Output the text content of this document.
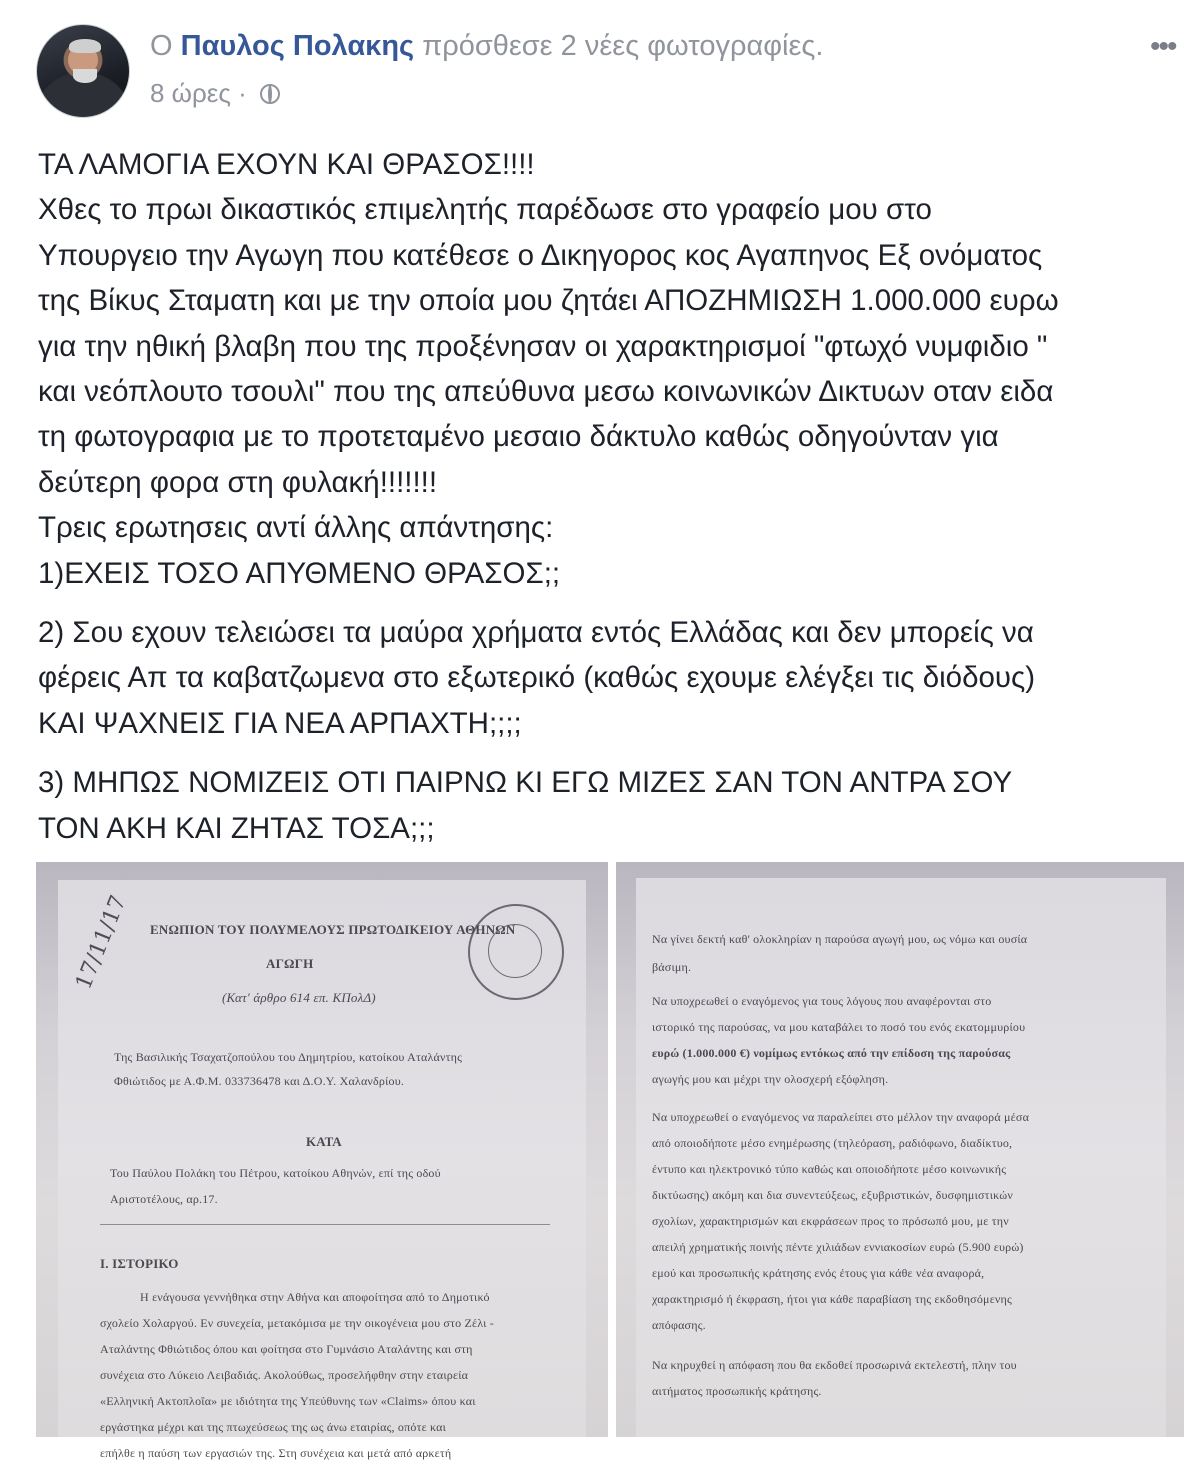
Ο Παυλος Πολακης πρόσθεσε 2 νέες φωτογραφίες.
8 ώρες ·
•••

ΤΑ ΛΑΜΟΓΙΑ ΕΧΟΥΝ ΚΑΙ ΘΡΑΣΟΣ!!!!

Χθες το πρωι δικαστικός επιμελητής παρέδωσε στο γραφείο μου στο

Υπουργειο την Αγωγη που κατέθεσε ο Δικηγορος κος Αγαπηνος Εξ ονόματος

της Βίκυς Σταματη και με την οποία μου ζητάει ΑΠΟΖΗΜΙΩΣΗ 1.000.000 ευρω

για την ηθική βλαβη που της προξένησαν οι χαρακτηρισμοί "φτωχό νυμφιδιο "

και νεόπλουτο τσουλι" που της απεύθυνα μεσω κοινωνικών Δικτυων οταν ειδα

τη φωτογραφια με το προτεταμένο μεσαιο δάκτυλο καθώς οδηγούνταν για

δεύτερη φορα στη φυλακή!!!!!!!

Τρεις ερωτησεις αντί άλλης απάντησης:

1)ΕΧΕΙΣ ΤΟΣΟ ΑΠΥΘΜΕΝΟ ΘΡΑΣΟΣ;;

2) Σου εχουν τελειώσει τα μαύρα χρήματα εντός Ελλάδας και δεν μπορείς να

φέρεις Απ τα καβατζωμενα στο εξωτερικό (καθώς εχουμε ελέγξει τις διόδους)

ΚΑΙ ΨΑΧΝΕΙΣ ΓΙΑ ΝΕΑ ΑΡΠΑΧΤΗ;;;;

3) ΜΗΠΩΣ ΝΟΜΙΖΕΙΣ ΟΤΙ ΠΑΙΡΝΩ ΚΙ ΕΓΩ ΜΙΖΕΣ ΣΑΝ ΤΟΝ ΑΝΤΡΑ ΣΟΥ

ΤΟΝ ΑΚΗ ΚΑΙ ΖΗΤΑΣ ΤΟΣΑ;;;

17/11/17 ΕΝΩΠΙΟΝ ΤΟΥ ΠΟΛΥΜΕΛΟΥΣ ΠΡΩΤΟΔΙΚΕΙΟΥ ΑΘΗΝΩΝ
ΑΓΩΓΗ
(Κατ' άρθρο 614 επ. ΚΠολΔ)
Της Βασιλικής Τσαχατζοπούλου του Δημητρίου, κατοίκου Αταλάντης
Φθιώτιδος με Α.Φ.Μ. 033736478 και Δ.Ο.Υ. Χαλανδρίου.
ΚΑΤΑ
Του Παύλου Πολάκη του Πέτρου, κατοίκου Αθηνών, επί της οδού
Αριστοτέλους, αρ.17.
Ι. ΙΣΤΟΡΙΚΟ
Η ενάγουσα γεννήθηκα στην Αθήνα και αποφοίτησα από το Δημοτικό
σχολείο Χολαργού. Εν συνεχεία, μετακόμισα με την οικογένεια μου στο Ζέλι -
Αταλάντης Φθιώτιδος όπου και φοίτησα στο Γυμνάσιο Αταλάντης και στη
συνέχεια στο Λύκειο Λειβαδιάς. Ακολούθως, προσελήφθην στην εταιρεία
«Ελληνική Ακτοπλοΐα» με ιδιότητα της Υπεύθυνης των «Claims» όπου και
εργάστηκα μέχρι και της πτωχεύσεως της ως άνω εταιρίας, οπότε και
επήλθε η παύση των εργασιών της. Στη συνέχεια και μετά από αρκετή
Να γίνει δεκτή καθ' ολοκληρίαν η παρούσα αγωγή μου, ως νόμω και ουσία
βάσιμη.
Να υποχρεωθεί ο εναγόμενος για τους λόγους που αναφέρονται στο
ιστορικό της παρούσας, να μου καταβάλει το ποσό του ενός εκατομμυρίου
ευρώ (1.000.000 €) νομίμως εντόκως από την επίδοση της παρούσας
αγωγής μου και μέχρι την ολοσχερή εξόφληση.
Να υποχρεωθεί ο εναγόμενος να παραλείπει στο μέλλον την αναφορά μέσα
από οποιοδήποτε μέσο ενημέρωσης (τηλεόραση, ραδιόφωνο, διαδίκτυο,
έντυπο και ηλεκτρονικό τύπο καθώς και οποιοδήποτε μέσο κοινωνικής
δικτύωσης) ακόμη και δια συνεντεύξεως, εξυβριστικών, δυσφημιστικών
σχολίων, χαρακτηρισμών και εκφράσεων προς το πρόσωπό μου, με την
απειλή χρηματικής ποινής πέντε χιλιάδων εννιακοσίων ευρώ (5.900 ευρώ)
εμού και προσωπικής κράτησης ενός έτους για κάθε νέα αναφορά,
χαρακτηρισμό ή έκφραση, ήτοι για κάθε παραβίαση της εκδοθησόμενης
απόφασης.
Να κηρυχθεί η απόφαση που θα εκδοθεί προσωρινά εκτελεστή, πλην του
αιτήματος προσωπικής κράτησης.
